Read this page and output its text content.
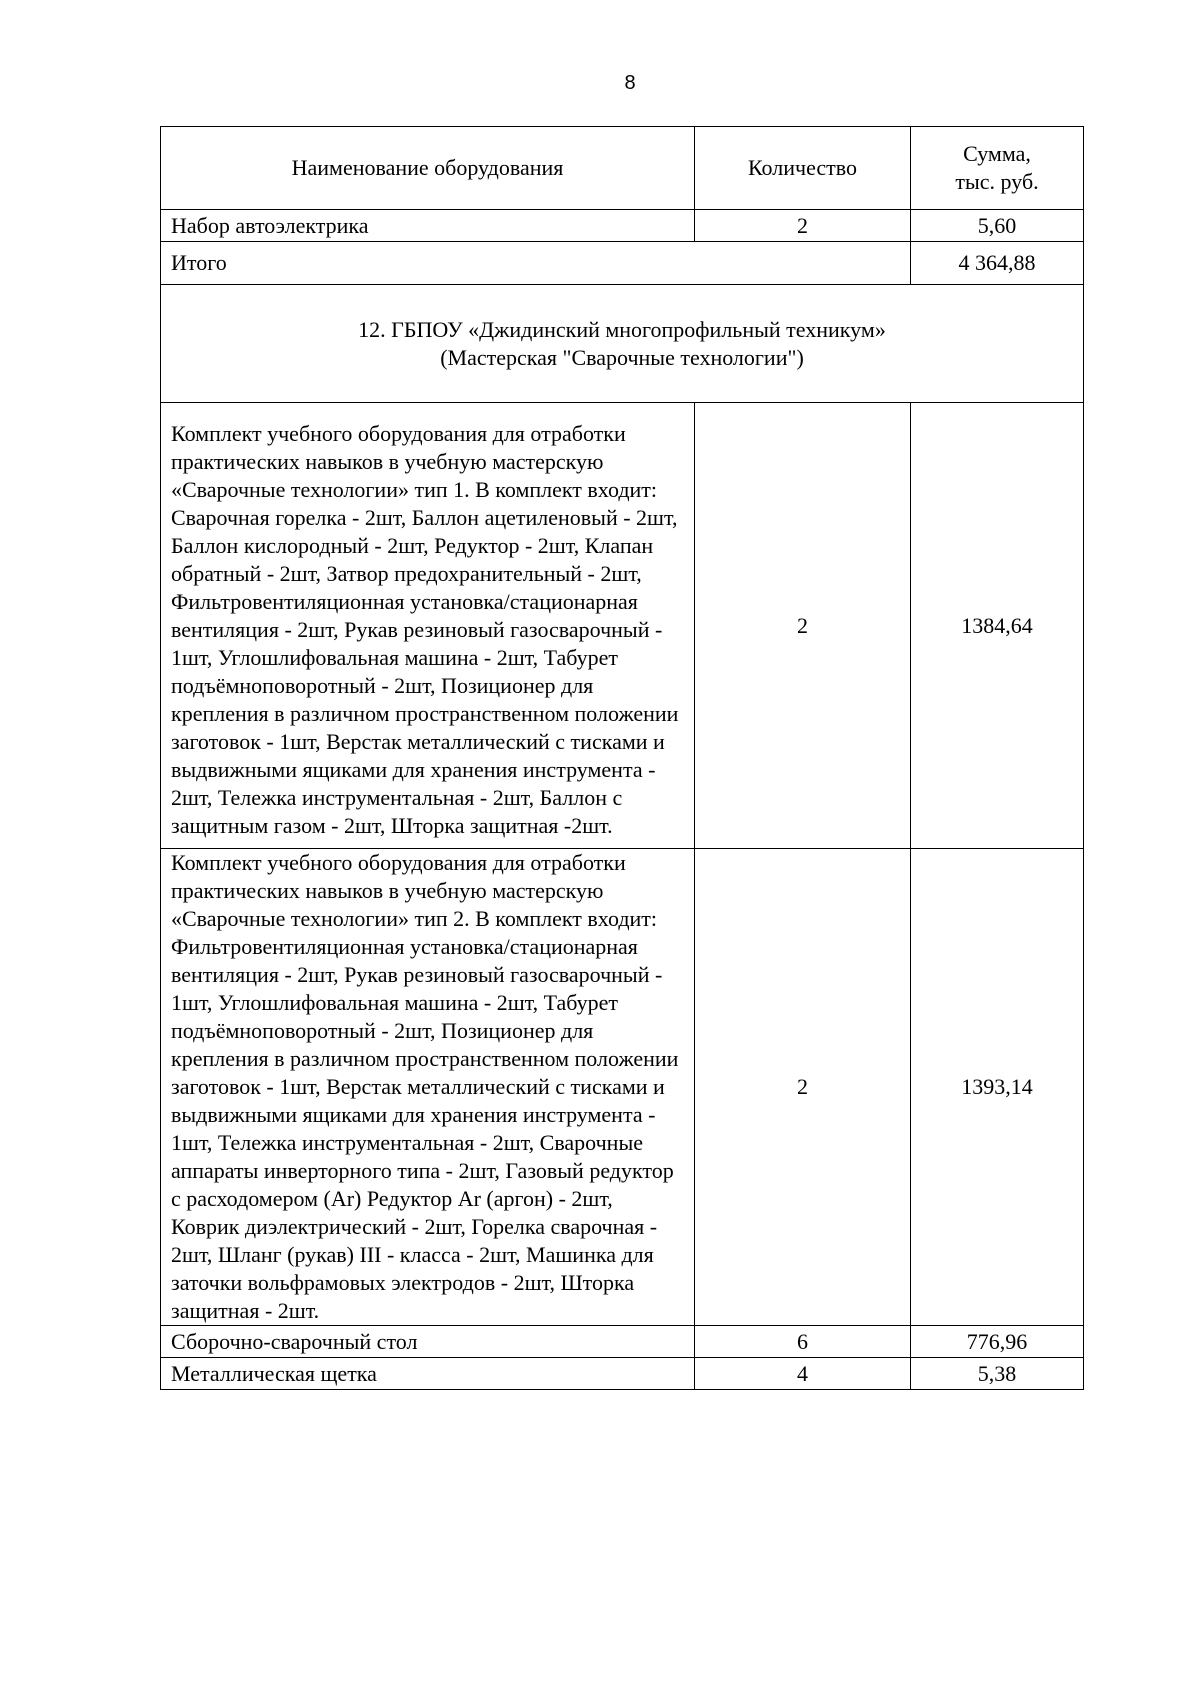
8
Наименование оборудования	Количество	Сумма,
тыс. руб.

Набор автоэлектрика	2	5,60
Итого		4 364,88

12. ГБПОУ «Джидинский многопрофильный техникум»
(Мастерская "Сварочные технологии")		

Комплект учебного оборудования для отработки практических навыков в учебную мастерскую «Сварочные технологии» тип 1. В комплект входит: Сварочная горелка - 2шт, Баллон ацетиленовый - 2шт, Баллон кислородный - 2шт, Редуктор - 2шт, Клапан обратный - 2шт, Затвор предохранительный - 2шт, Фильтровентиляционная установка/стационарная вентиляция - 2шт, Рукав резиновый газосварочный - 1шт, Углошлифовальная машина - 2шт, Табурет подъёмноповоротный - 2шт, Позиционер для крепления в различном пространственном положении заготовок - 1шт, Верстак металлический с тисками и выдвижными ящиками для хранения инструмента - 2шт, Тележка инструментальная - 2шт, Баллон с защитным газом - 2шт, Шторка защитная -2шт.	2	1384,64
Комплект учебного оборудования для отработки практических навыков в учебную мастерскую «Сварочные технологии» тип 2. В комплект входит: Фильтровентиляционная установка/стационарная вентиляция - 2шт, Рукав резиновый газосварочный - 1шт, Углошлифовальная машина - 2шт, Табурет подъёмноповоротный - 2шт, Позиционер для крепления в различном пространственном положении заготовок - 1шт, Верстак металлический с тисками и выдвижными ящиками для хранения инструмента - 1шт, Тележка инструментальная - 2шт, Сварочные аппараты инверторного типа - 2шт, Газовый редуктор с расходомером (Ar) Редуктор Ar (аргон) - 2шт, Коврик диэлектрический - 2шт, Горелка сварочная - 2шт, Шланг (рукав) III - класса - 2шт, Машинка для заточки вольфрамовых электродов - 2шт, Шторка защитная - 2шт.	2	1393,14
Сборочно-сварочный стол	6	776,96
Металлическая щетка	4	5,38
